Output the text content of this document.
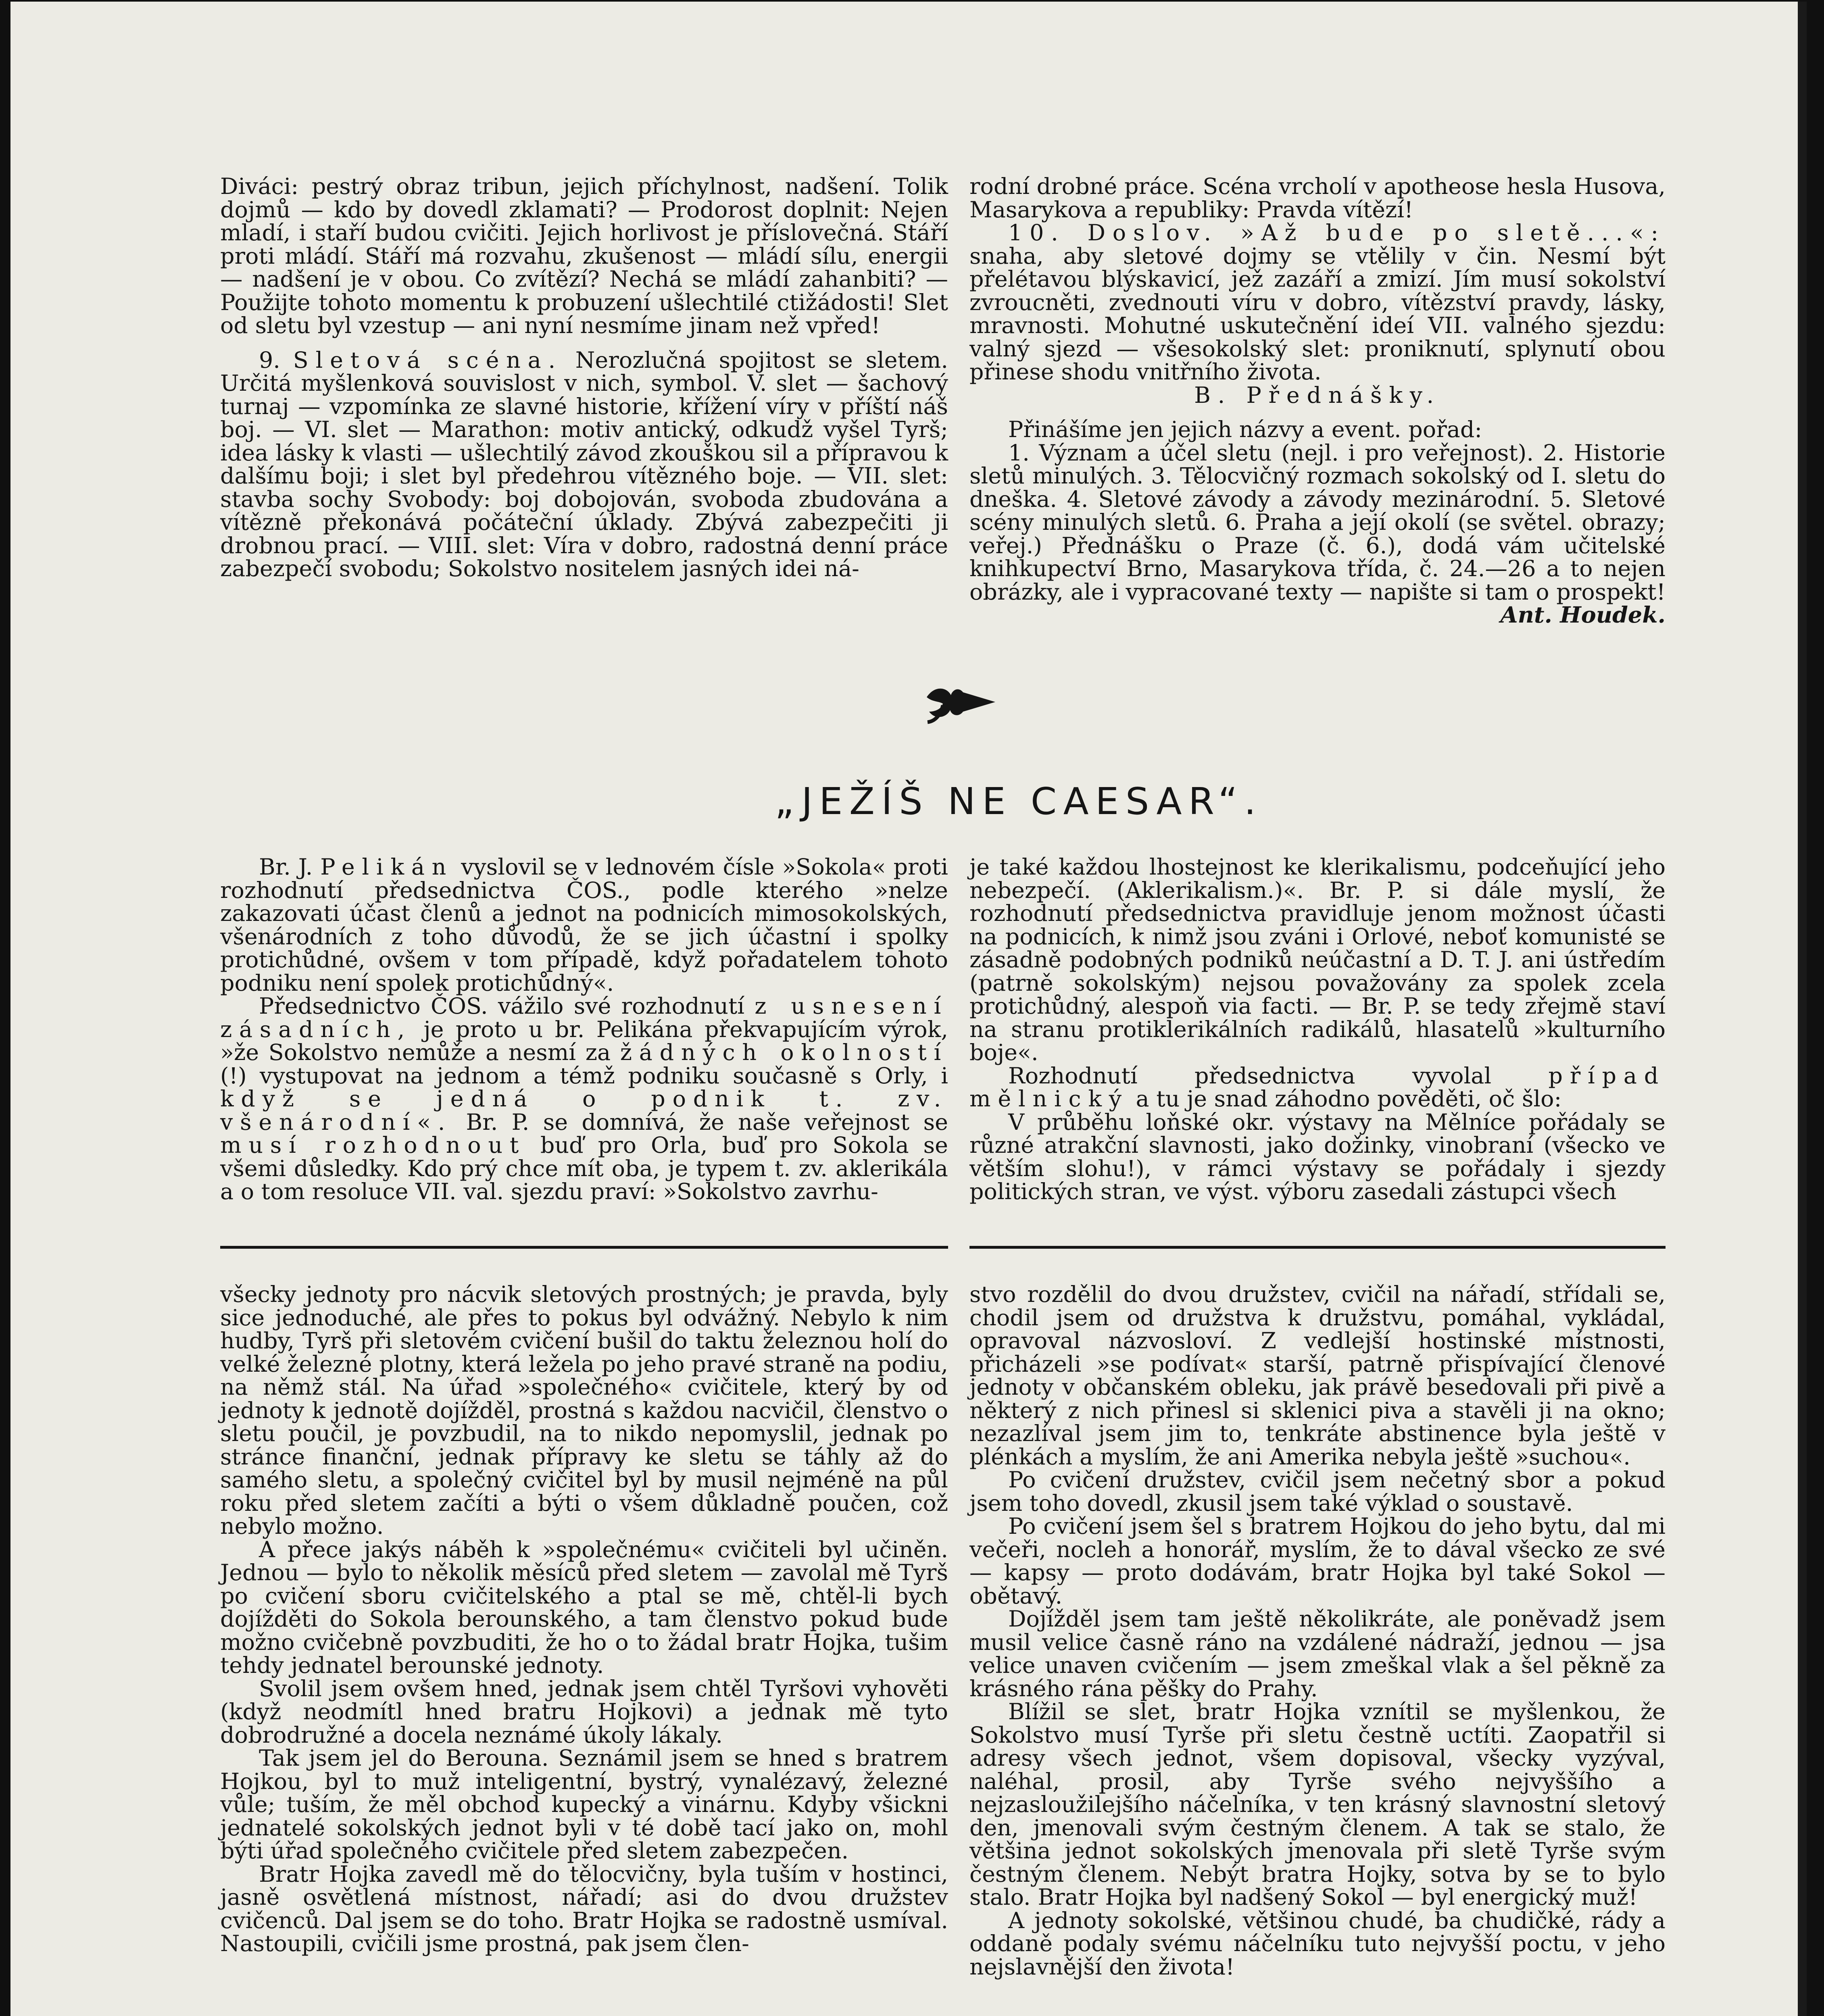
Diváci: pestrý obraz tribun, jejich příchylnost, nadšení. Tolik dojmů — kdo by dovedl zklamati? — Prodorost doplnit: Nejen mladí, i staří budou cvičiti. Jejich horlivost je příslovečná. Stáří proti mládí. Stáří má rozvahu, zkušenost — mládí sílu, energii — nadšení je v obou. Co zvítězí? Nechá se mládí zahanbiti? — Použijte tohoto momentu k probuzení ušlechtilé ctižádosti! Slet od sletu byl vzestup — ani nyní nesmíme jinam než vpřed!

9. Sletová scéna. Nerozlučná spojitost se sletem. Určitá myšlenková souvislost v nich, symbol. V. slet — šachový turnaj — vzpomínka ze slavné historie, křížení víry v příští náš boj. — VI. slet — Marathon: motiv antický, odkudž vyšel Tyrš; idea lásky k vlasti — ušlechtilý závod zkouškou sil a přípravou k dalšímu boji; i slet byl předehrou vítězného boje. — VII. slet: stavba sochy Svobody: boj dobojován, svoboda zbudována a vítězně překonává počáteční úklady. Zbývá zabezpečiti ji drobnou prací. — VIII. slet: Víra v dobro, radostná denní práce zabezpečí svobodu; Sokolstvo nositelem jasných idei ná-

rodní drobné práce. Scéna vrcholí v apotheose hesla Husova, Masarykova a republiky: Pravda vítězí!

10. Doslov. »Až bude po sletě...«: snaha, aby sletové dojmy se vtělily v čin. Nesmí být přelétavou blýskavicí, jež zazáří a zmizí. Jím musí sokolství zvroucněti, zvednouti víru v dobro, vítězství pravdy, lásky, mravnosti. Mohutné uskutečnění ideí VII. valného sjezdu: valný sjezd — všesokolský slet: proniknutí, splynutí obou přinese shodu vnitřního života.

B. Přednášky.

Přinášíme jen jejich názvy a event. pořad:

1. Význam a účel sletu (nejl. i pro veřejnost). 2. Historie sletů minulých. 3. Tělocvičný rozmach sokolský od I. sletu do dneška. 4. Sletové závody a závody mezinárodní. 5. Sletové scény minulých sletů. 6. Praha a její okolí (se světel. obrazy; veřej.) Přednášku o Praze (č. 6.), dodá vám učitelské knihkupectví Brno, Masarykova třída, č. 24.—26 a to nejen obrázky, ale i vypracované texty — napište si tam o prospekt!
Ant. Houdek.

„JEŽÍŠ NE CAESAR“.

Br. J. Pelikán vyslovil se v lednovém čísle »Sokola« proti rozhodnutí předsednictva ČOS., podle kterého »nelze zakazovati účast členů a jednot na podnicích mimosokolských, všenárodních z toho důvodů, že se jich účastní i spolky protichůdné, ovšem v tom případě, když pořadatelem tohoto podniku není spolek protichůdný«.

Předsednictvo ČOS. vážilo své rozhodnutí z usnesení zásadních, je proto u br. Pelikána překvapujícím výrok, »že Sokolstvo nemůže a nesmí za žádných okolností (!) vystupovat na jednom a témž podniku současně s Orly, i když se jedná o podnik t. zv. všenárodní«. Br. P. se domnívá, že naše veřejnost se musí rozhodnout buď pro Orla, buď pro Sokola se všemi důsledky. Kdo prý chce mít oba, je typem t. zv. aklerikála a o tom resoluce VII. val. sjezdu praví: »Sokolstvo zavrhu-

je také každou lhostejnost ke klerikalismu, podceňující jeho nebezpečí. (Aklerikalism.)«. Br. P. si dále myslí, že rozhodnutí předsednictva pravidluje jenom možnost účasti na podnicích, k nimž jsou zváni i Orlové, neboť komunisté se zásadně podobných podniků neúčastní a D. T. J. ani ústředím (patrně sokolským) nejsou považovány za spolek zcela protichůdný, alespoň via facti. — Br. P. se tedy zřejmě staví na stranu protiklerikálních radikálů, hlasatelů »kulturního boje«.

Rozhodnutí předsednictva vyvolal	případ mělnický a tu je snad záhodno pověděti, oč šlo:

V průběhu loňské okr. výstavy na Mělníce pořádaly se různé atrakční slavnosti, jako dožinky, vinobraní (všecko ve větším slohu!), v rámci výstavy se pořádaly i sjezdy politických stran, ve výst. výboru zasedali zástupci všech

všecky jednoty pro nácvik sletových prostných; je pravda, byly sice jednoduché, ale přes to pokus byl odvážný. Nebylo k nim hudby, Tyrš při sletovém cvičení bušil do taktu železnou holí do velké železné plotny, která ležela po jeho pravé straně na podiu, na němž stál. Na úřad »společného« cvičitele, který by od jednoty k jednotě dojížděl, prostná s každou nacvičil, členstvo o sletu poučil, je povzbudil, na to nikdo nepomyslil, jednak po stránce finanční, jednak přípravy ke sletu se táhly až do samého sletu, a společný cvičitel byl by musil nejméně na půl roku před sletem začíti a býti o všem důkladně poučen, což nebylo možno.

A přece jakýs náběh k »společnému« cvičiteli byl učiněn. Jednou — bylo to několik měsíců před sletem — zavolal mě Tyrš po cvičení sboru cvičitelského a ptal se mě, chtěl-li bych dojížděti do Sokola berounského, a tam členstvo pokud bude možno cvičebně povzbuditi, že ho o to žádal bratr Hojka, tušim tehdy jednatel berounské jednoty.

Svolil jsem ovšem hned, jednak jsem chtěl Tyršovi vyhověti (když neodmítl hned bratru Hojkovi) a jednak mě tyto dobrodružné a docela neznámé úkoly lákaly.

Tak jsem jel do Berouna. Seznámil jsem se hned s bratrem Hojkou, byl to muž inteligentní, bystrý, vynalézavý, železné vůle; tuším, že měl obchod kupecký a vinárnu. Kdyby všickni jednatelé sokolských jednot byli v té době tací jako on, mohl býti úřad společného cvičitele před sletem zabezpečen.

Bratr Hojka zavedl mě do tělocvičny, byla tuším v hostinci, jasně osvětlená místnost, nářadí; asi do dvou družstev cvičenců. Dal jsem se do toho. Bratr Hojka se radostně usmíval. Nastoupili, cvičili jsme prostná, pak jsem člen-

stvo rozdělil do dvou družstev, cvičil na nářadí, střídali se, chodil jsem od družstva k družstvu, pomáhal, vykládal, opravoval názvosloví. Z vedlejší hostinské místnosti, přicházeli »se podívat« starší, patrně přispívající členové jednoty v občanském obleku, jak právě besedovali při pivě a některý z nich přinesl si sklenici piva a stavěli ji na okno; nezazlíval jsem jim to, tenkráte abstinence byla ještě v plénkách a myslím, že ani Amerika nebyla ještě »suchou«.

Po cvičení družstev, cvičil jsem nečetný sbor a pokud jsem toho dovedl, zkusil jsem také výklad o soustavě.

Po cvičení jsem šel s bratrem Hojkou do jeho bytu, dal mi večeři, nocleh a honorář, myslím, že to dával všecko ze své — kapsy — proto dodávám, bratr Hojka byl také Sokol — obětavý.

Dojížděl jsem tam ještě několikráte, ale poněvadž jsem musil velice časně ráno na vzdálené nádraží, jednou — jsa velice unaven cvičením — jsem zmeškal vlak a šel pěkně za krásného rána pěšky do Prahy.

Blížil se slet, bratr Hojka vznítil se myšlenkou, že Sokolstvo musí Tyrše při sletu čestně uctíti. Zaopatřil si adresy všech jednot, všem dopisoval, všecky vyzýval, naléhal, prosil, aby Tyrše svého nejvyššího a nejzasloužilejšího náčelníka, v ten krásný slavnostní sletový den, jmenovali svým čestným členem. A tak se stalo, že většina jednot sokolských jmenovala při sletě Tyrše svým čestným členem. Nebýt bratra Hojky, sotva by se to bylo stalo. Bratr Hojka byl nadšený Sokol — byl energický muž!

A jednoty sokolské, většinou chudé, ba chudičké, rády a oddaně podaly svému náčelníku tuto nejvyšší poctu, v jeho nejslavnější den života!
